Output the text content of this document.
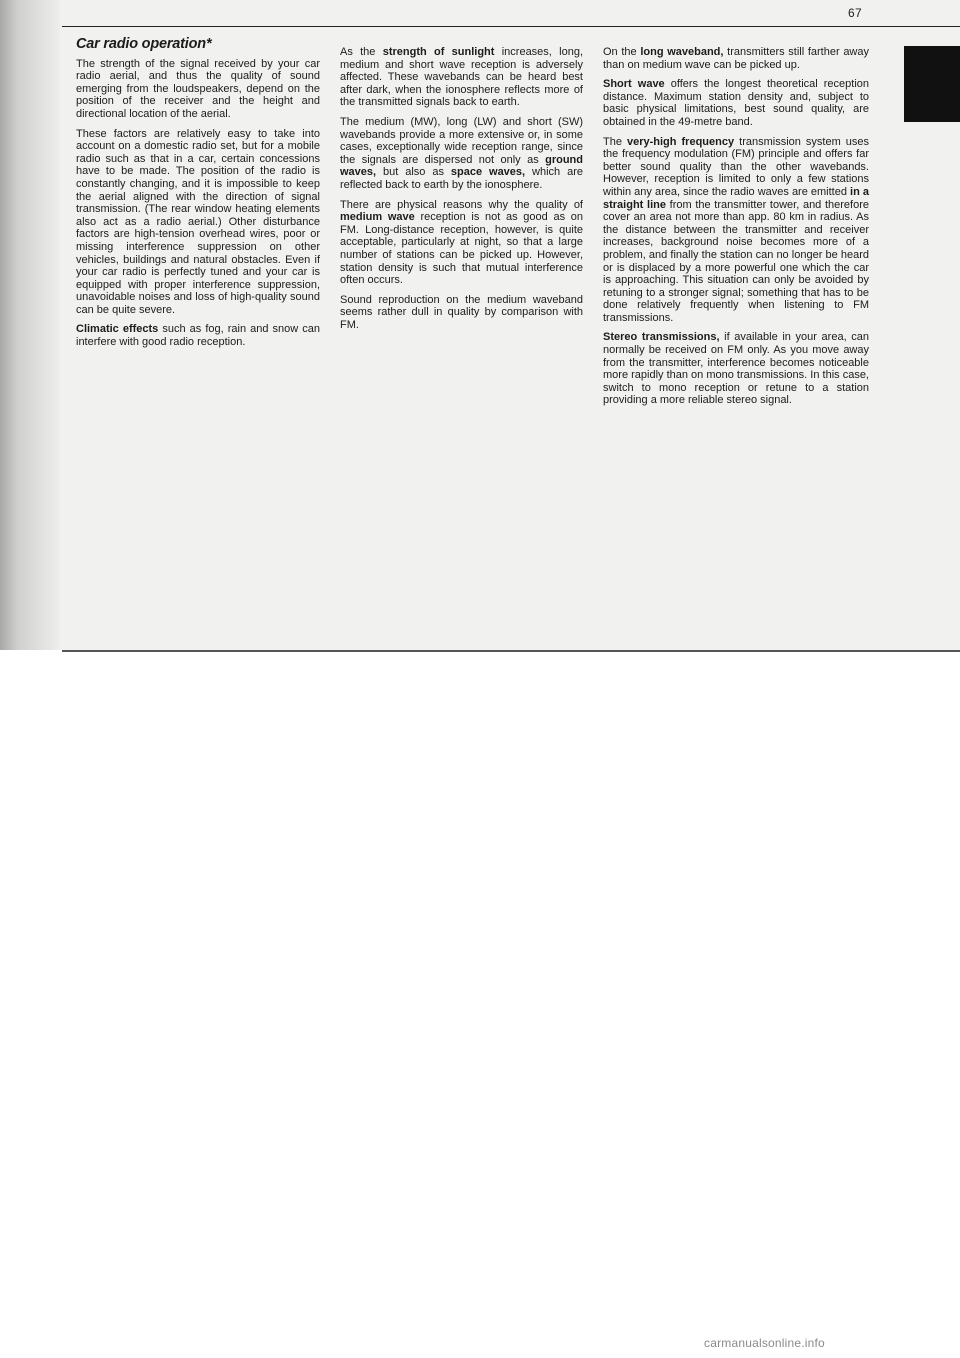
67
Car radio operation*

The strength of the signal received by your car radio aerial, and thus the quality of sound emerging from the loudspeakers, depend on the position of the receiver and the height and directional location of the aerial.

These factors are relatively easy to take into account on a domestic radio set, but for a mobile radio such as that in a car, certain concessions have to be made. The position of the radio is constantly changing, and it is impossible to keep the aerial aligned with the direction of signal transmission. (The rear window heating elements also act as a radio aerial.) Other disturbance factors are high-tension overhead wires, poor or missing interference suppression on other vehicles, buildings and natural obstacles. Even if your car radio is perfectly tuned and your car is equipped with proper interference suppression, unavoidable noises and loss of high-quality sound can be quite severe.

Climatic effects such as fog, rain and snow can interfere with good radio reception.

As the strength of sunlight increases, long, medium and short wave reception is adversely affected. These wavebands can be heard best after dark, when the ionosphere reflects more of the transmitted signals back to earth.

The medium (MW), long (LW) and short (SW) wavebands provide a more extensive or, in some cases, exceptionally wide reception range, since the signals are dispersed not only as ground waves, but also as space waves, which are reflected back to earth by the ionosphere.

There are physical reasons why the quality of medium wave reception is not as good as on FM. Long-distance reception, however, is quite acceptable, particularly at night, so that a large number of stations can be picked up. However, station density is such that mutual interference often occurs.

Sound reproduction on the medium waveband seems rather dull in quality by comparison with FM.

On the long waveband, transmitters still farther away than on medium wave can be picked up.

Short wave offers the longest theoretical reception distance. Maximum station density and, subject to basic physical limitations, best sound quality, are obtained in the 49-metre band.

The very-high frequency transmission system uses the frequency modulation (FM) principle and offers far better sound quality than the other wavebands. However, reception is limited to only a few stations within any area, since the radio waves are emitted in a straight line from the transmitter tower, and therefore cover an area not more than app. 80 km in radius. As the distance between the transmitter and receiver increases, background noise becomes more of a problem, and finally the station can no longer be heard or is displaced by a more powerful one which the car is approaching. This situation can only be avoided by retuning to a stronger signal; something that has to be done relatively frequently when listening to FM transmissions.

Stereo transmissions, if available in your area, can normally be received on FM only. As you move away from the transmitter, interference becomes noticeable more rapidly than on mono transmissions. In this case, switch to mono reception or retune to a station providing a more reliable stereo signal.

carmanualsonline.info
